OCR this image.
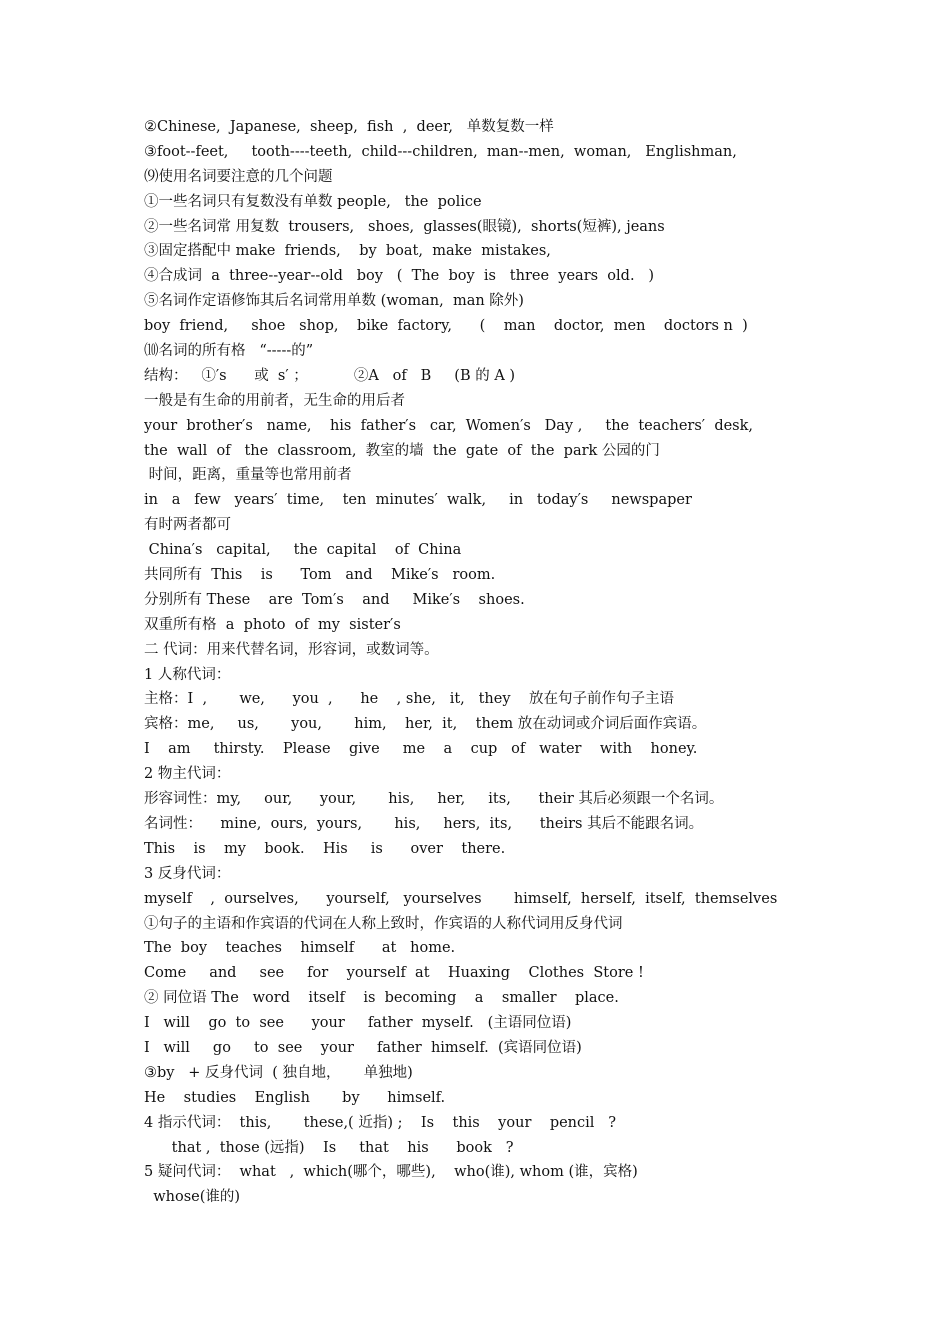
②Chinese,  Japanese,  sheep,  fish  ,  deer,   单数复数一样
③foot--feet,     tooth----teeth,  child---children,  man--men,  woman,   Englishman,
⑼使用名词要注意的几个问题
①一些名词只有复数没有单数 people,   the  police
②一些名词常 用复数  trousers,   shoes,  glasses(眼镜),  shorts(短裤), jeans
③固定搭配中 make  friends,    by  boat,  make  mistakes,
④合成词  a  three--year--old   boy   (  The  boy  is   three  years  old.   )
⑤名词作定语修饰其后名词常用单数 (woman,  man 除外)
boy  friend,     shoe   shop,    bike  factory,      (    man    doctor,  men    doctors n  )
⑽名词的所有格   “-----的”
结构：   ①′s      或  s′ ；          ②A   of   B     (B 的 A )
一般是有生命的用前者，无生命的用后者
your  brother′s   name,    his  father′s   car,  Women′s   Day ,     the  teachers′  desk,
the  wall  of   the  classroom,  教室的墙  the  gate  of  the  park 公园的门
时间，距离，重量等也常用前者
in   a   few   years′  time,    ten  minutes′  walk,     in   today′s     newspaper
有时两者都可
China′s   capital,     the  capital    of  China
共同所有  This    is      Tom   and    Mike′s   room.
分别所有 These    are  Tom′s    and     Mike′s    shoes.
双重所有格  a  photo  of  my  sister′s
二 代词：用来代替名词，形容词，或数词等。
1 人称代词：
主格：I  ,       we,      you  ,      he    , she,   it,   they    放在句子前作句子主语
宾格：me,     us,       you,       him,    her,  it,    them 放在动词或介词后面作宾语。
I    am     thirsty.    Please    give     me    a    cup   of   water    with    honey.
2 物主代词：
形容词性：my,     our,      your,       his,     her,     its,      their 其后必须跟一个名词。
名词性：    mine,  ours,  yours,       his,     hers,  its,      theirs 其后不能跟名词。
This    is    my    book.    His     is      over    there.
3 反身代词：
myself    ,  ourselves,      yourself,   yourselves       himself,  herself,  itself,  themselves
①句子的主语和作宾语的代词在人称上致时，作宾语的人称代词用反身代词
The  boy    teaches    himself      at   home.
Come     and     see     for    yourself  at    Huaxing    Clothes  Store !
② 同位语 The   word    itself    is  becoming    a    smaller    place.
I   will    go  to  see      your     father  myself.   (主语同位语)
I   will     go     to  see    your     father  himself.  (宾语同位语)
③by   + 反身代词  ( 独自地，     单独地)
He    studies    English       by      himself.
4 指示代词：  this,       these,( 近指) ;    Is    this    your    pencil   ?
that ,  those (远指)    Is     that    his      book   ?
5 疑问代词：  what   ,  which(哪个，哪些),    who(谁), whom (谁，宾格)
whose(谁的)
